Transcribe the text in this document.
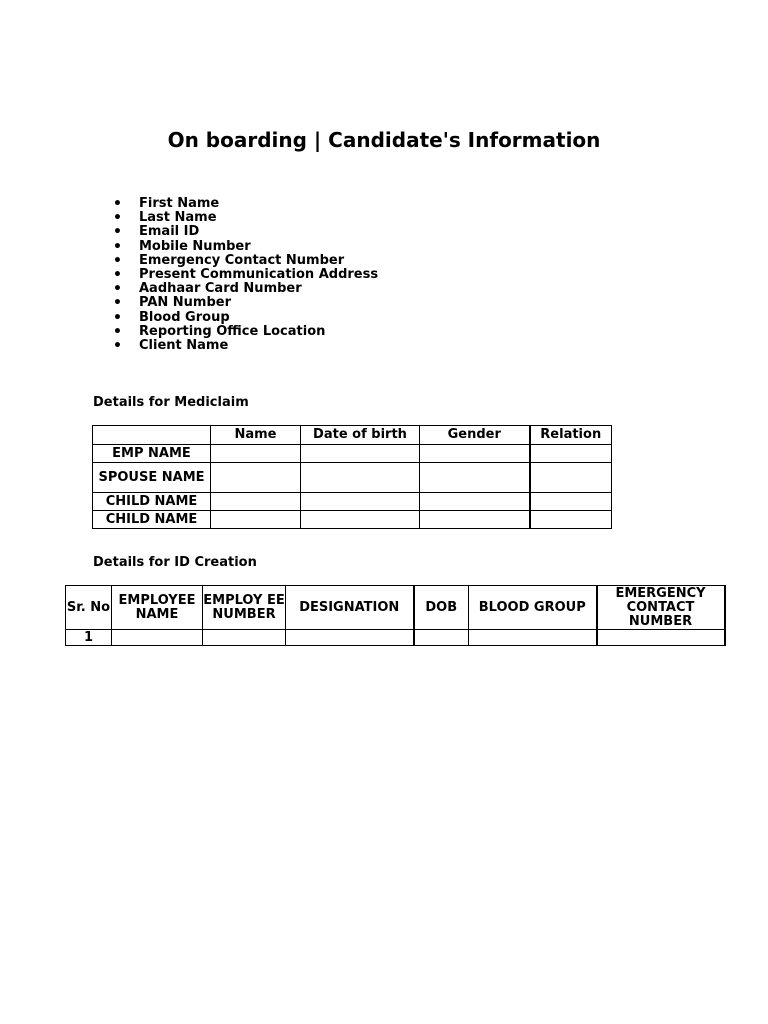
On boarding | Candidate's Information
• First Name
• Last Name
• Email ID
• Mobile Number
• Emergency Contact Number
• Present Communication Address
• Aadhaar Card Number
• PAN Number
• Blood Group
• Reporting Office Location
• Client Name

Details for Mediclaim

	Name	Date of birth	Gender	Relation
EMP NAME				
SPOUSE NAME				
CHILD NAME				
CHILD NAME				

Details for ID Creation

Sr. No	EMPLOYEE NAME	EMPLOY EE NUMBER	DESIGNATION	DOB	BLOOD GROUP	EMERGENCY CONTACT NUMBER
1						
